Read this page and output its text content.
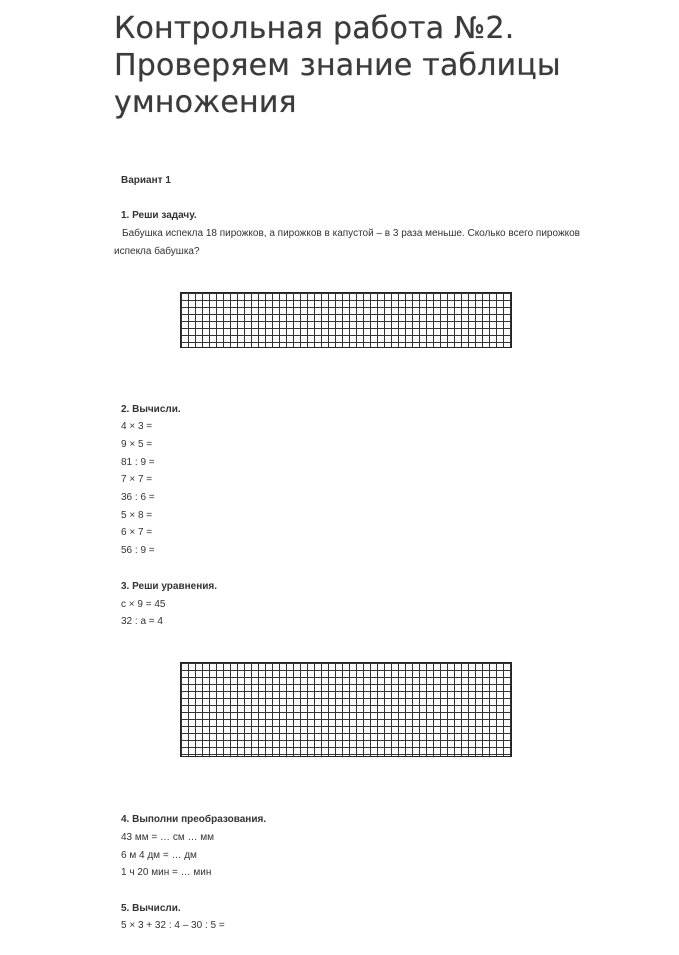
Контрольная работа №2.
Проверяем знание таблицы
умножения
Вариант 1
1. Реши задачу.
Бабушка испекла 18 пирожков, а пирожков в капустой – в 3 раза меньше. Сколько всего пирожков испекла бабушка?
2. Вычисли.
4 × 3 =
9 × 5 =
81 : 9 =
7 × 7 =
36 : 6 =
5 × 8 =
6 × 7 =
56 : 9 =
3. Реши уравнения.
с × 9 = 45
32 : а = 4
4. Выполни преобразования.
43 мм = … см … мм
6 м 4 дм = … дм
1 ч 20 мин = … мин
5. Вычисли.
5 × 3 + 32 : 4 – 30 : 5 =
